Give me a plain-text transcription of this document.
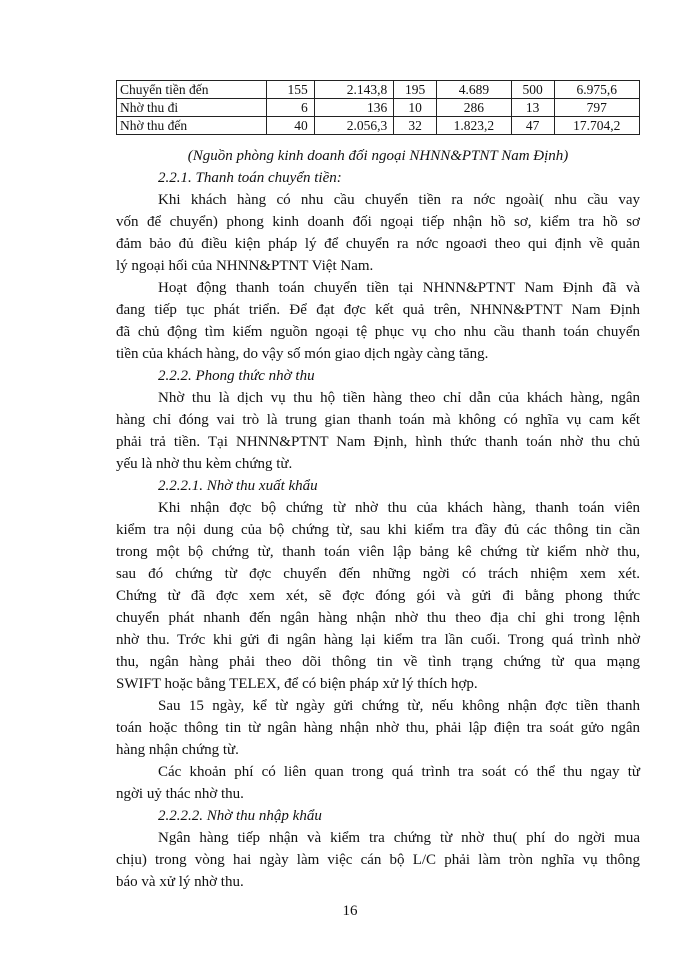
Chuyển tiền đến	155	2.143,8	195	4.689	500	6.975,6
Nhờ thu đi	6	136	10	286	13	797
Nhờ thu đến	40	2.056,3	32	1.823,2	47	17.704,2
(Nguồn phòng kinh doanh đối ngoại NHNN&PTNT Nam Định)
2.2.1. Thanh toán chuyển tiền:
Khi khách hàng có nhu cầu chuyển tiền ra nớc ngoài( nhu cầu vay
vốn để chuyển) phong kinh doanh đối ngoại tiếp nhận hồ sơ, kiểm tra hồ sơ
đảm bảo đủ điều kiện pháp lý để chuyển ra nớc ngoaơi theo qui định về quản
lý ngoại hối của NHNN&PTNT Việt Nam.
Hoạt động thanh toán chuyển tiền tại NHNN&PTNT Nam Định đã và
đang tiếp tục phát triển. Để đạt đợc kết quả trên, NHNN&PTNT Nam Định
đã chủ động tìm kiếm nguồn ngoại tệ phục vụ cho nhu cầu thanh toán chuyển
tiền của khách hàng, do vậy số món giao dịch ngày càng tăng.
2.2.2. Phong thức nhờ thu
Nhờ thu là dịch vụ thu hộ tiền hàng theo chỉ dẫn của khách hàng, ngân
hàng chỉ đóng vai trò là trung gian thanh toán mà không có nghĩa vụ cam kết
phải trả tiền. Tại NHNN&PTNT Nam Định, hình thức thanh toán nhờ thu chủ
yếu là nhờ thu kèm chứng từ.
2.2.2.1. Nhờ thu xuất khẩu
Khi nhận đợc bộ chứng từ nhờ thu của khách hàng, thanh toán viên
kiểm tra nội dung của bộ chứng từ, sau khi kiểm tra đầy đủ các thông tin cần
trong một bộ chứng từ, thanh toán viên lập bảng kê chứng từ kiểm nhờ thu,
sau đó chứng từ đợc chuyển đến những ngời có trách nhiệm xem xét.
Chứng từ đã đợc xem xét, sẽ đợc đóng gói và gửi đi bằng phong thức
chuyển phát nhanh đến ngân hàng nhận nhờ thu theo địa chỉ ghi trong lệnh
nhờ thu. Trớc khi gửi đi ngân hàng lại kiểm tra lần cuối. Trong quá trình nhờ
thu, ngân hàng phải theo dõi thông tin về tình trạng chứng từ qua mạng
SWIFT hoặc bằng TELEX, để có biện pháp xử lý thích hợp.
Sau 15 ngày, kể từ ngày gửi chứng từ, nếu không nhận đợc tiền thanh
toán hoặc thông tin từ ngân hàng nhận nhờ thu, phải lập điện tra soát gửo ngân
hàng nhận chứng từ.
Các khoản phí có liên quan trong quá trình tra soát có thể thu ngay từ
ngời uỷ thác nhờ thu.
2.2.2.2. Nhờ thu nhập khẩu
Ngân hàng tiếp nhận và kiểm tra chứng từ nhờ thu( phí do ngời mua
chịu) trong vòng hai ngày làm việc cán bộ L/C phải làm tròn nghĩa vụ thông
báo và xử lý nhờ thu.
16
